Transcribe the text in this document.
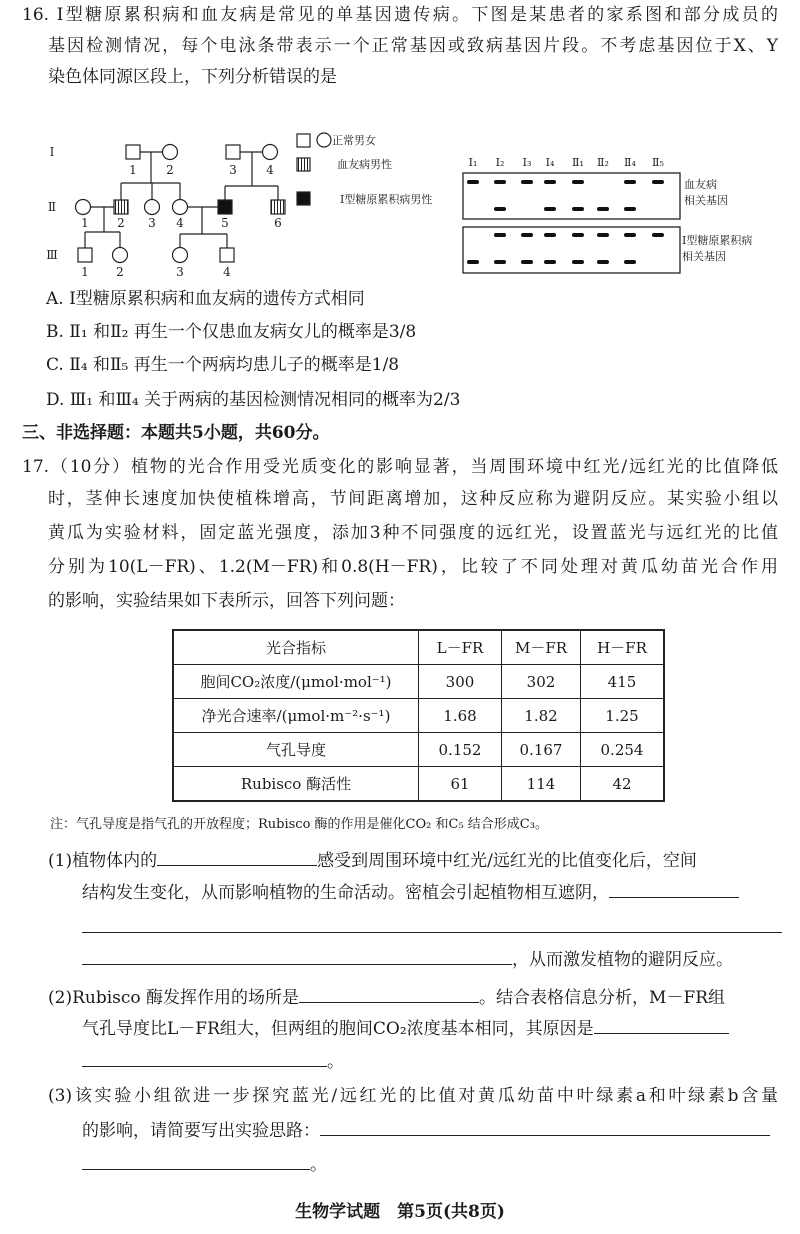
16. Ⅰ型糖原累积病和血友病是常见的单基因遗传病。下图是某患者的家系图和部分成员的
基因检测情况，每个电泳条带表示一个正常基因或致病基因片段。不考虑基因位于X、Y
染色体同源区段上，下列分析错误的是
Ⅰ
Ⅱ
Ⅲ
1 2	3 4
1 2 3 4	5	6
1 2	3	4
正常男女
血友病男性
Ⅰ型糖原累积病男性
Ⅰ₁ Ⅰ₂ Ⅰ₃ Ⅰ₄ Ⅱ₁ Ⅱ₂ Ⅱ₄ Ⅱ₅
血友病
相关基因
Ⅰ型糖原累积病
相关基因
A. Ⅰ型糖原累积病和血友病的遗传方式相同
B. Ⅱ₁ 和Ⅱ₂ 再生一个仅患血友病女儿的概率是3/8
C. Ⅱ₄ 和Ⅱ₅ 再生一个两病均患儿子的概率是1/8
D. Ⅲ₁ 和Ⅲ₄ 关于两病的基因检测情况相同的概率为2/3
三、非选择题：本题共5小题，共60分。
17.（10分）植物的光合作用受光质变化的影响显著，当周围环境中红光/远红光的比值降低
时，茎伸长速度加快使植株增高，节间距离增加，这种反应称为避阴反应。某实验小组以
黄瓜为实验材料，固定蓝光强度，添加3种不同强度的远红光，设置蓝光与远红光的比值
分别为10(L－FR)、1.2(M－FR)和0.8(H－FR)，比较了不同处理对黄瓜幼苗光合作用
的影响，实验结果如下表所示，回答下列问题：
光合指标	L－FR	M－FR	H－FR
胞间CO₂浓度/(μmol·mol⁻¹)	300	302	415
净光合速率/(μmol·m⁻²·s⁻¹)	1.68	1.82	1.25
气孔导度	0.152	0.167	0.254
Rubisco 酶活性	61	114	42
注：气孔导度是指气孔的开放程度；Rubisco 酶的作用是催化CO₂ 和C₅ 结合形成C₃。
(1)植物体内的	感受到周围环境中红光/远红光的比值变化后，空间
结构发生变化，从而影响植物的生命活动。密植会引起植物相互遮阴，
，从而激发植物的避阴反应。
(2)Rubisco 酶发挥作用的场所是	。结合表格信息分析，M－FR组
气孔导度比L－FR组大，但两组的胞间CO₂浓度基本相同，其原因是
。
(3)该实验小组欲进一步探究蓝光/远红光的比值对黄瓜幼苗中叶绿素a和叶绿素b含量
的影响，请简要写出实验思路：
。
生物学试题　第5页(共8页)
